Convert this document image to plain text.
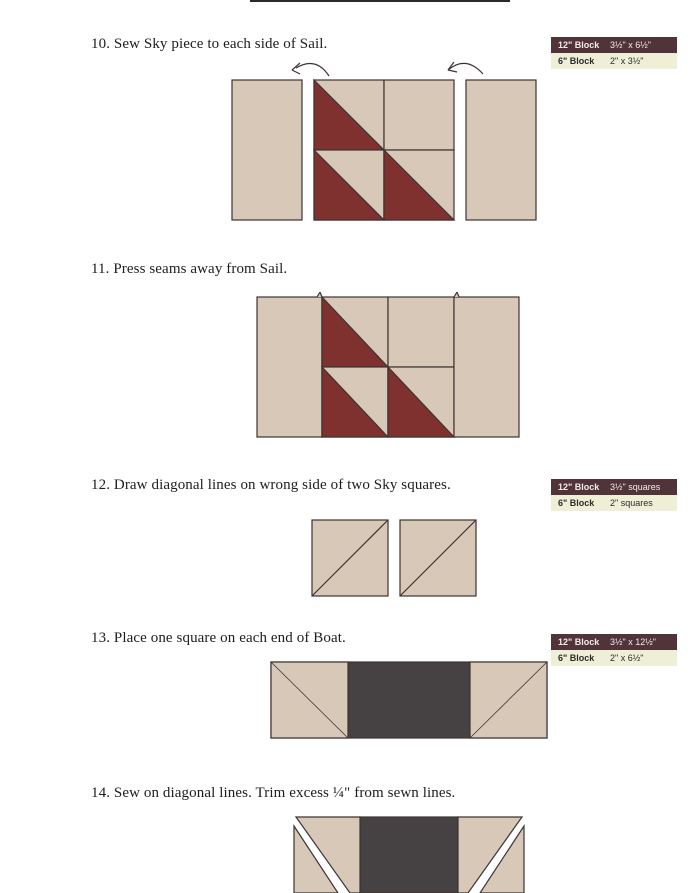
10. Sew Sky piece to each side of Sail.	12" Block	3½" x 6½"
6" Block	2" x 3½"
11. Press seams away from Sail.
12. Draw diagonal lines on wrong side of two Sky squares.	12" Block	3½" squares
6" Block	2" squares
13. Place one square on each end of Boat.	12" Block	3½" x 12½"
6" Block	2" x 6½"
14. Sew on diagonal lines. Trim excess ¼" from sewn lines.
